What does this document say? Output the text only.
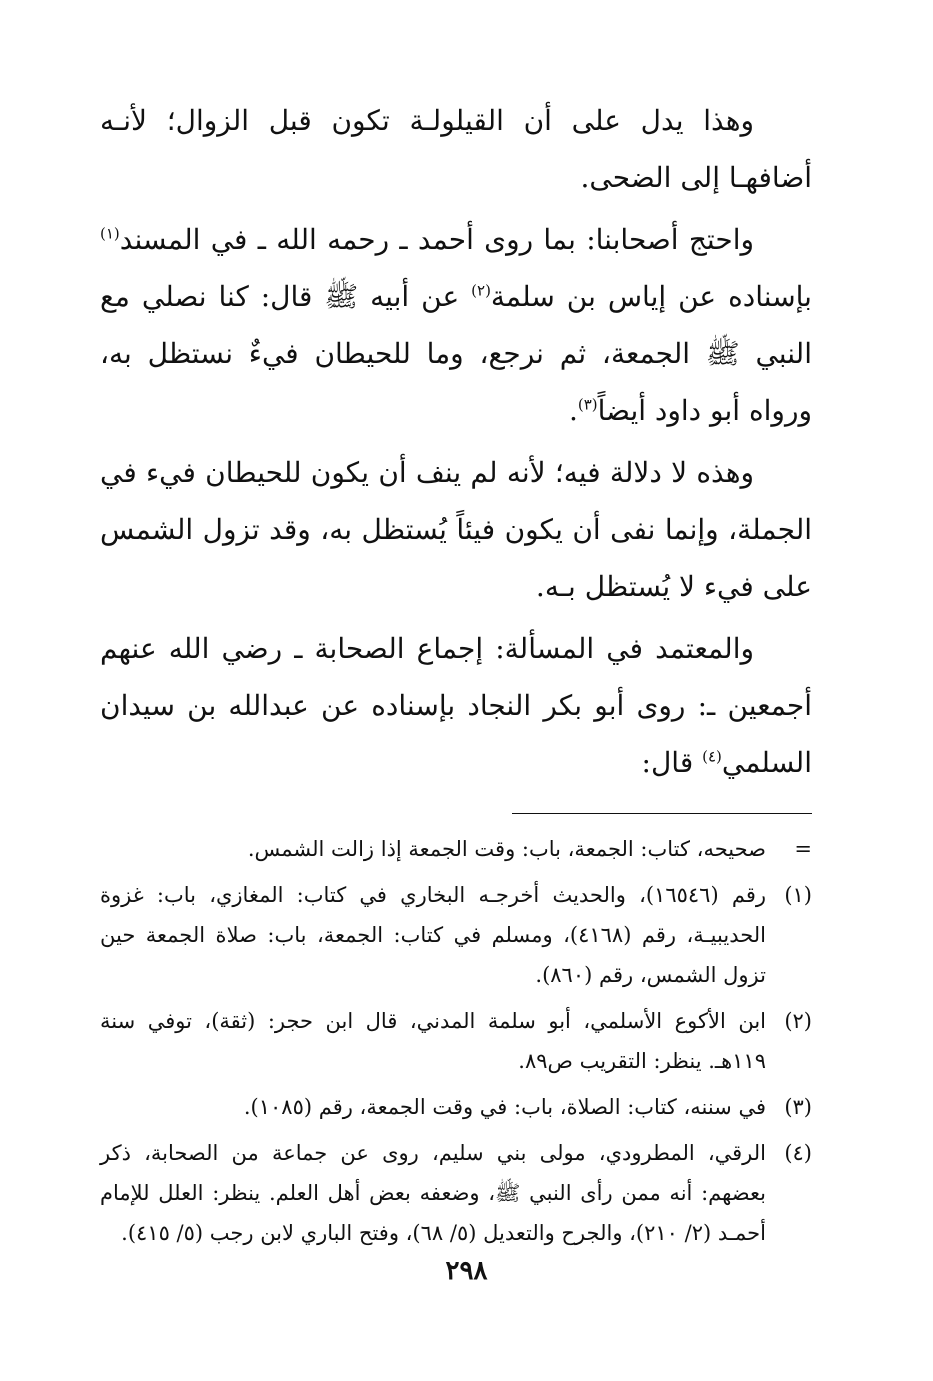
وهذا يدل على أن القيلولـة تكون قبل الزوال؛ لأنـه أضافهـا إلى الضحى.

واحتج أصحابنا: بما روى أحمد ـ رحمه الله ـ في المسند$^{(١)}$ بإسناده عن إياس بن سلمة$^{(٢)}$ عن أبيه ﷺ قال: كنا نصلي مع النبي ﷺ الجمعة، ثم نرجع، وما للحيطان فيءٌ نستظل به، ورواه أبو داود أيضاً$^{(٣)}$.

وهذه لا دلالة فيه؛ لأنه لم ينف أن يكون للحيطان فيء في الجملة، وإنما نفى أن يكون فيئاً يُستظل به، وقد تزول الشمس على فيء لا يُستظل بـه.

والمعتمد في المسألة: إجماع الصحابة ـ رضي الله عنهم أجمعين ـ: روى أبو بكر النجاد بإسناده عن عبدالله بن سيدان السلمي$^{(٤)}$ قال:

=
صحيحه، كتاب: الجمعة، باب: وقت الجمعة إذا زالت الشمس.
(١)
رقم (١٦٥٤٦)، والحديث أخرجـه البخاري في كتاب: المغازي، باب: غزوة الحديبيـة، رقم (٤١٦٨)، ومسلم في كتاب: الجمعة، باب: صلاة الجمعة حين تزول الشمس، رقم (٨٦٠).
(٢)
ابن الأكوع الأسلمي، أبو سلمة المدني، قال ابن حجر: (ثقة)، توفي سنة ١١٩هـ. ينظر: التقريب ص٨٩.
(٣)
في سننه، كتاب: الصلاة، باب: في وقت الجمعة، رقم (١٠٨٥).
(٤)
الرقي، المطرودي، مولى بني سليم، روى عن جماعة من الصحابة، ذكر بعضهم: أنه ممن رأى النبي ﷺ، وضعفه بعض أهل العلم. ينظر: العلل للإمام أحمـد (٢/ ٢١٠)، والجرح والتعديل (٥/ ٦٨)، وفتح الباري لابن رجب (٥/ ٤١٥).
٢٩٨
